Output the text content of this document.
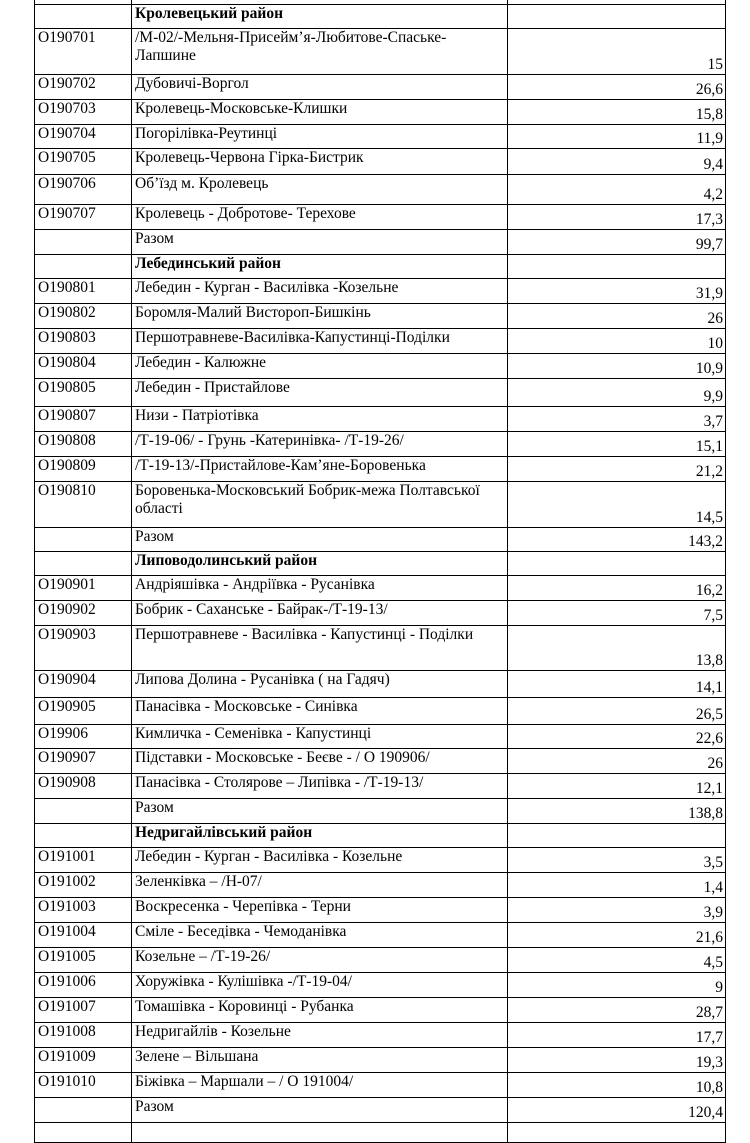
	Кролевецький район	
O190701	/М-02/-Мельня-Присейм’я-Любитове-Спаське-Лапшине	15
O190702	Дубовичі-Воргол	26,6
O190703	Кролевець-Московське-Клишки	15,8
O190704	Погорілівка-Реутинці	11,9
O190705	Кролевець-Червона Гірка-Бистрик	9,4
O190706	Об’їзд м. Кролевець	4,2
O190707	Кролевець - Добротове- Терехове	17,3
	Разом	99,7
	Лебединський район	
O190801	Лебедин - Курган - Василівка -Козельне	31,9
O190802	Боромля-Малий Вистороп-Бишкінь	26
O190803	Першотравневе-Василівка-Капустинці-Поділки	10
O190804	Лебедин - Калюжне	10,9
O190805	Лебедин - Пристайлове	9,9
O190807	Низи - Патріотівка	3,7
O190808	/Т-19-06/ - Грунь -Катеринівка- /Т-19-26/	15,1
O190809	/Т-19-13/-Пристайлове-Кам’яне-Боровенька	21,2
O190810	Боровенька-Московський Бобрик-межа Полтавської області	14,5
	Разом	143,2
	Липоводолинський район	
O190901	Андріяшівка - Андріївка - Русанівка	16,2
O190902	Бобрик - Саханське - Байрак-/Т-19-13/	7,5
O190903	Першотравневе - Василівка - Капустинці - Поділки	13,8
O190904	Липова Долина - Русанівка ( на Гадяч)	14,1
O190905	Панасівка - Московське - Синівка	26,5
O19906	Кимличка - Семенівка - Капустинці	22,6
O190907	Підставки - Московське - Беєве - / О 190906/	26
O190908	Панасівка - Столярове – Липівка - /Т-19-13/	12,1
	Разом	138,8
	Недригайлівський район	
O191001	Лебедин - Курган - Василівка - Козельне	3,5
O191002	Зеленківка – /Н-07/	1,4
O191003	Воскресенка - Черепівка - Терни	3,9
O191004	Сміле - Беседівка - Чемоданівка	21,6
O191005	Козельне – /Т-19-26/	4,5
O191006	Хоружівка - Кулішівка -/Т-19-04/	9
O191007	Томашівка - Коровинці - Рубанка	28,7
O191008	Недригайлів - Козельне	17,7
O191009	Зелене – Вільшана	19,3
O191010	Біжівка – Маршали – / О 191004/	10,8
	Разом	120,4
